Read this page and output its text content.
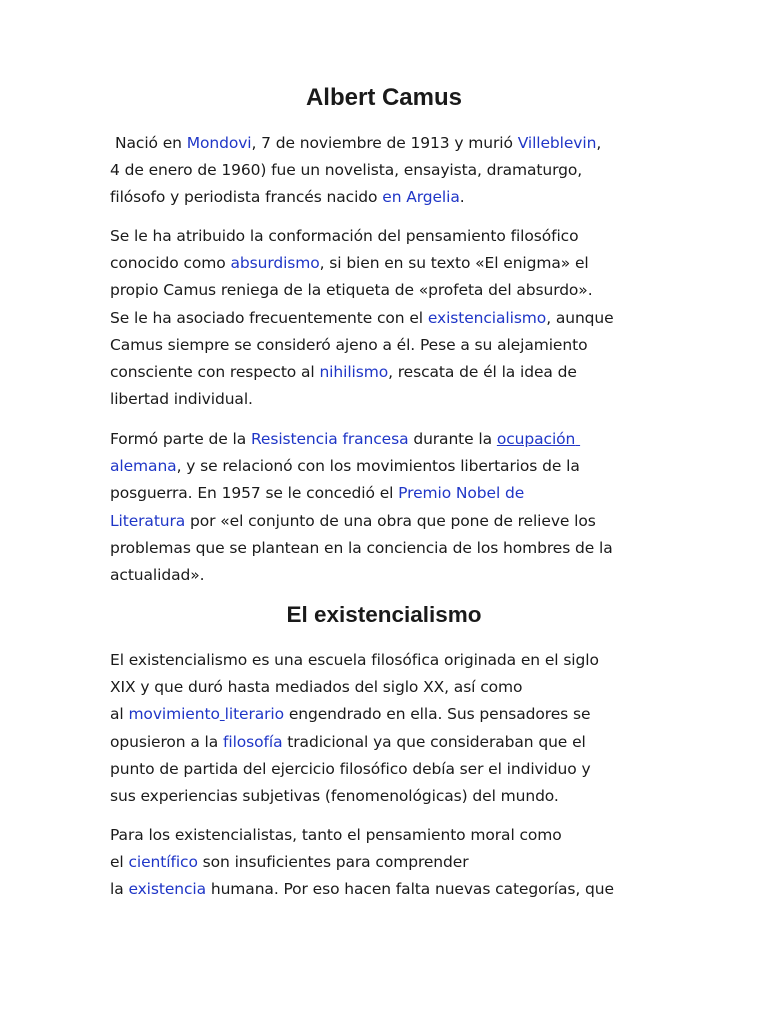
Albert Camus

Nació en Mondovi, 7 de noviembre de 1913 y murió Villeblevin,
4 de enero de 1960) fue un novelista, ensayista, dramaturgo,
filósofo y periodista francés nacido en Argelia.

Se le ha atribuido la conformación del pensamiento filosófico
conocido como absurdismo, si bien en su texto «El enigma» el
propio Camus reniega de la etiqueta de «profeta del absurdo».
Se le ha asociado frecuentemente con el existencialismo, aunque
Camus siempre se consideró ajeno a él. Pese a su alejamiento
consciente con respecto al nihilismo, rescata de él la idea de
libertad individual.

Formó parte de la Resistencia francesa durante la ocupación
alemana, y se relacionó con los movimientos libertarios de la
posguerra. En 1957 se le concedió el Premio Nobel de
Literatura por «el conjunto de una obra que pone de relieve los
problemas que se plantean en la conciencia de los hombres de la
actualidad».

El existencialismo

El existencialismo es una escuela filosófica originada en el siglo
XIX y que duró hasta mediados del siglo XX, así como
al movimiento literario engendrado en ella. Sus pensadores se
opusieron a la filosofía tradicional ya que consideraban que el
punto de partida del ejercicio filosófico debía ser el individuo y
sus experiencias subjetivas (fenomenológicas) del mundo.

Para los existencialistas, tanto el pensamiento moral como
el científico son insuficientes para comprender
la existencia humana. Por eso hacen falta nuevas categorías, que
